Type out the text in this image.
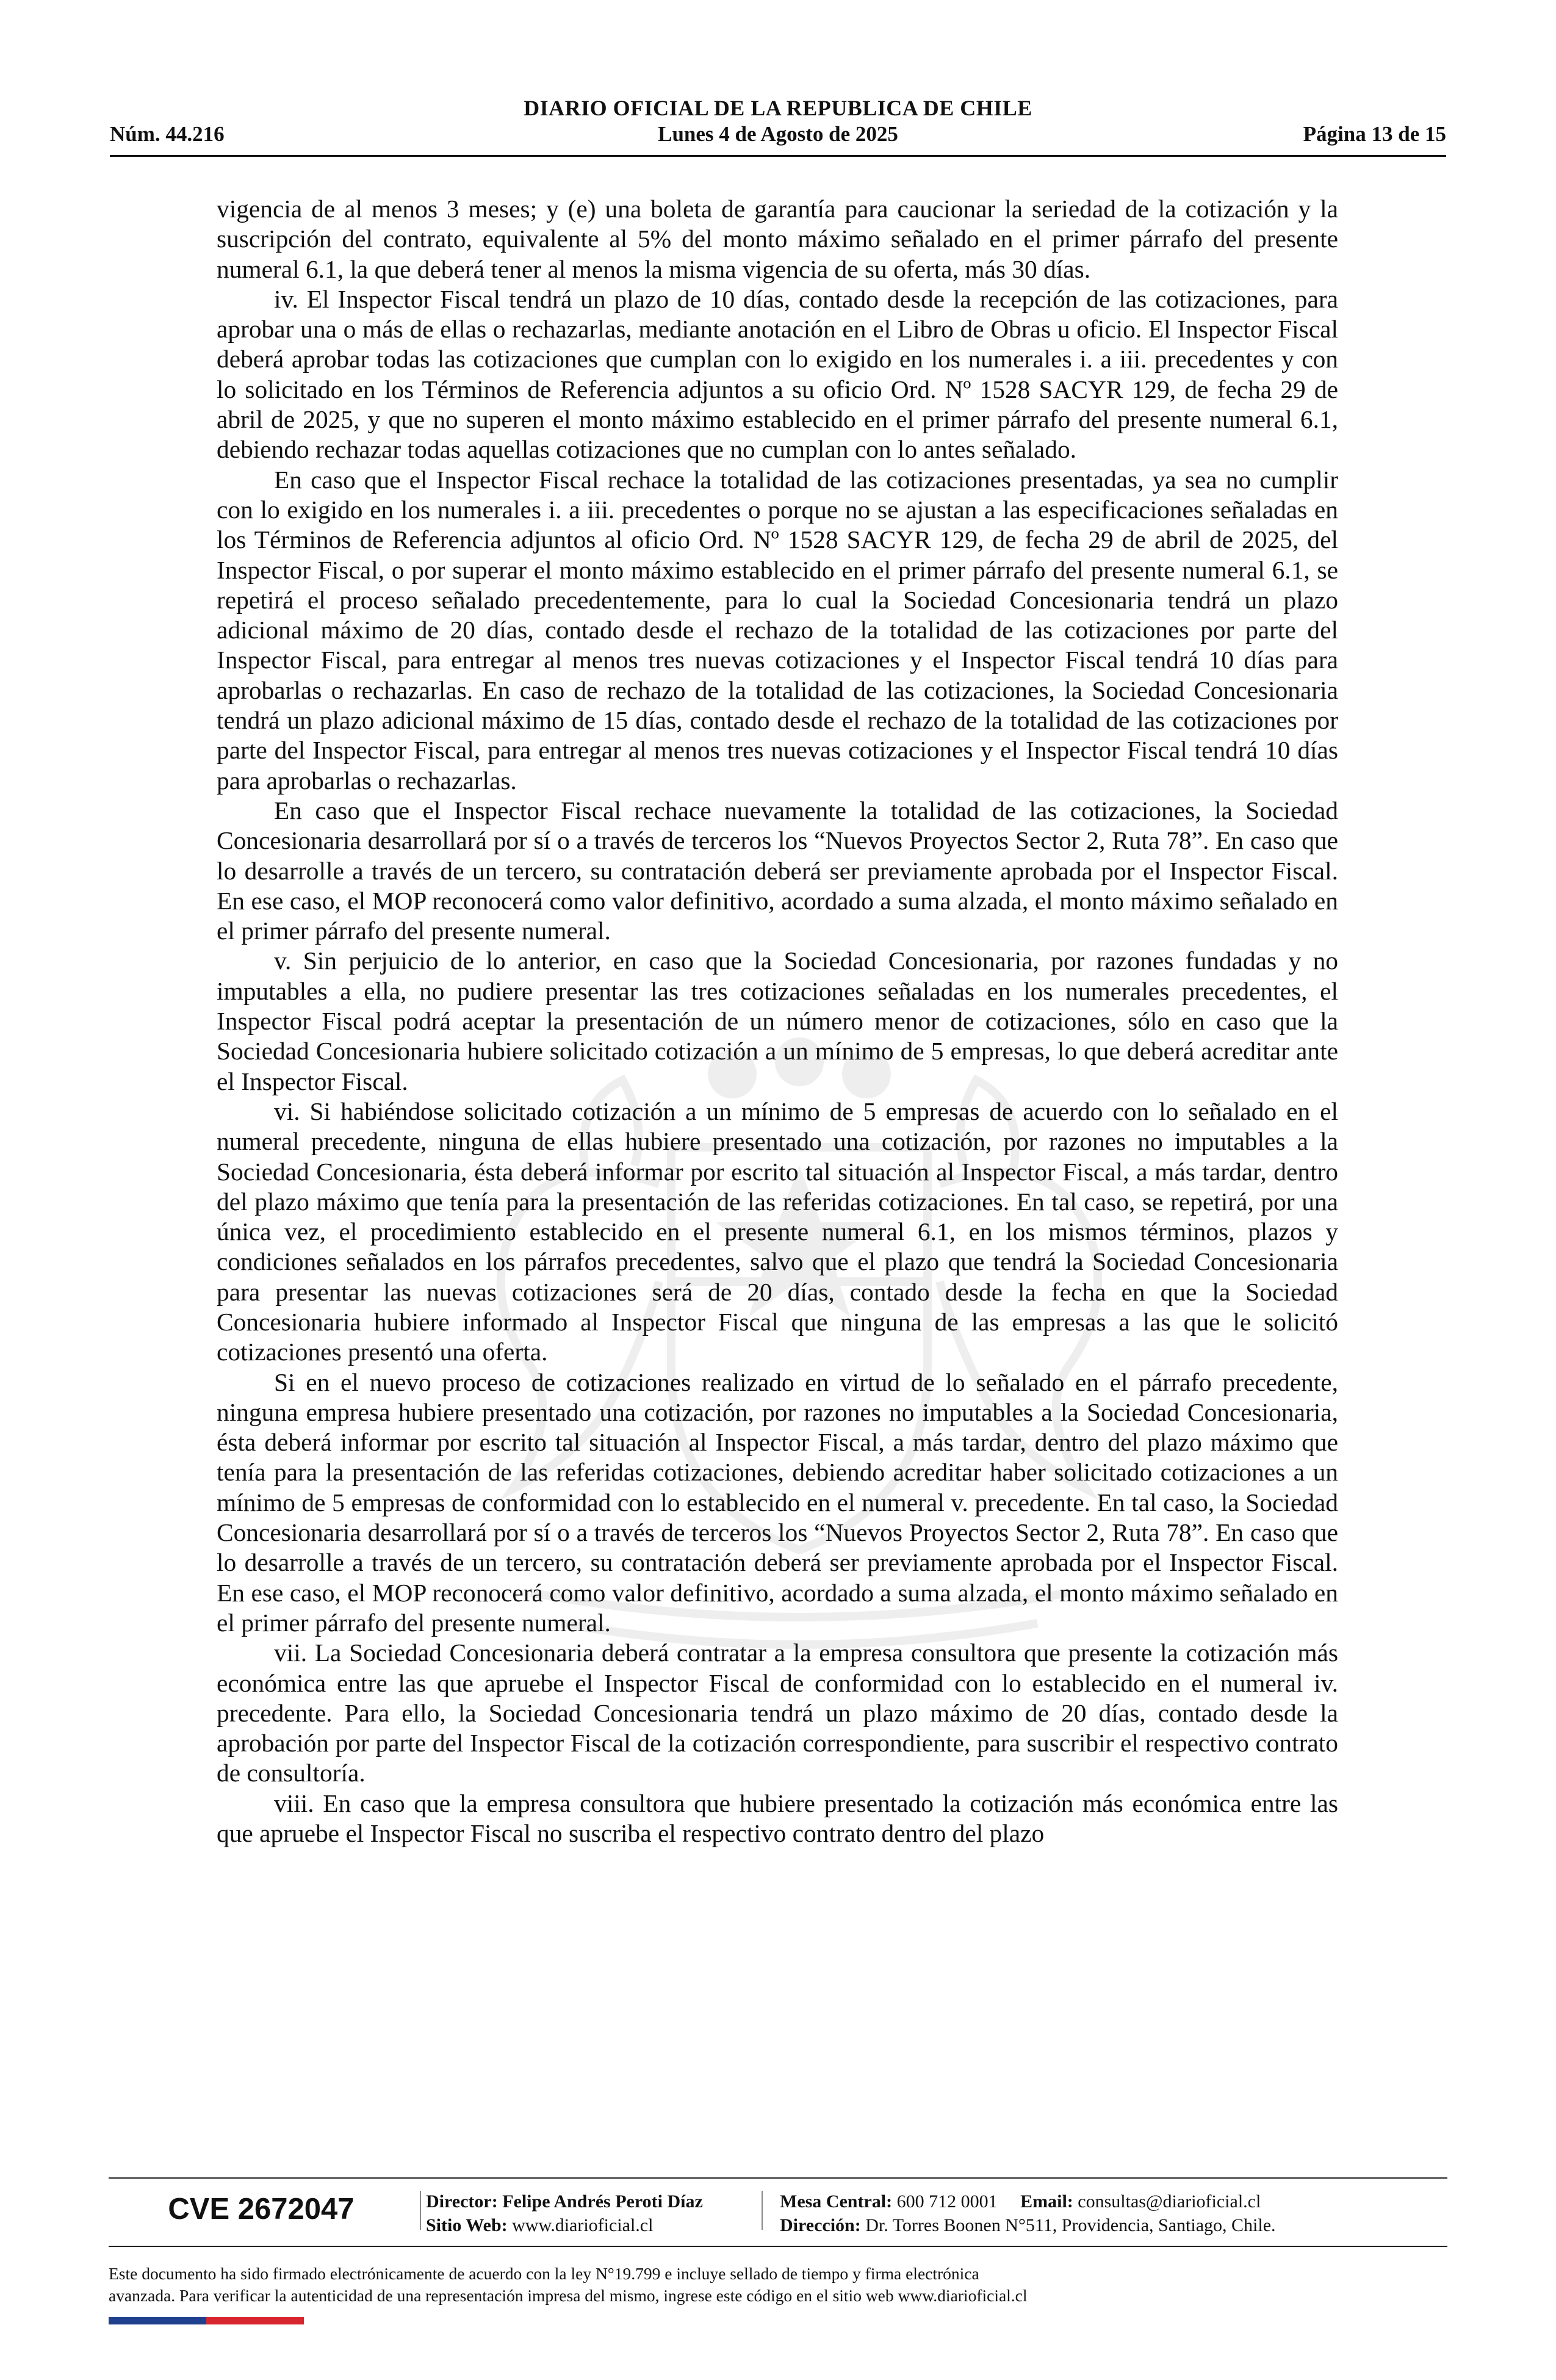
DIARIO OFICIAL DE LA REPUBLICA DE CHILE
Núm. 44.216	Lunes 4 de Agosto de 2025	Página 13 de 15

vigencia de al menos 3 meses; y (e) una boleta de garantía para caucionar la seriedad de la cotización y la suscripción del contrato, equivalente al 5% del monto máximo señalado en el primer párrafo del presente numeral 6.1, la que deberá tener al menos la misma vigencia de su oferta, más 30 días.

iv. El Inspector Fiscal tendrá un plazo de 10 días, contado desde la recepción de las cotizaciones, para aprobar una o más de ellas o rechazarlas, mediante anotación en el Libro de Obras u oficio. El Inspector Fiscal deberá aprobar todas las cotizaciones que cumplan con lo exigido en los numerales i. a iii. precedentes y con lo solicitado en los Términos de Referencia adjuntos a su oficio Ord. Nº 1528 SACYR 129, de fecha 29 de abril de 2025, y que no superen el monto máximo establecido en el primer párrafo del presente numeral 6.1, debiendo rechazar todas aquellas cotizaciones que no cumplan con lo antes señalado.

En caso que el Inspector Fiscal rechace la totalidad de las cotizaciones presentadas, ya sea no cumplir con lo exigido en los numerales i. a iii. precedentes o porque no se ajustan a las especificaciones señaladas en los Términos de Referencia adjuntos al oficio Ord. Nº 1528 SACYR 129, de fecha 29 de abril de 2025, del Inspector Fiscal, o por superar el monto máximo establecido en el primer párrafo del presente numeral 6.1, se repetirá el proceso señalado precedentemente, para lo cual la Sociedad Concesionaria tendrá un plazo adicional máximo de 20 días, contado desde el rechazo de la totalidad de las cotizaciones por parte del Inspector Fiscal, para entregar al menos tres nuevas cotizaciones y el Inspector Fiscal tendrá 10 días para aprobarlas o rechazarlas. En caso de rechazo de la totalidad de las cotizaciones, la Sociedad Concesionaria tendrá un plazo adicional máximo de 15 días, contado desde el rechazo de la totalidad de las cotizaciones por parte del Inspector Fiscal, para entregar al menos tres nuevas cotizaciones y el Inspector Fiscal tendrá 10 días para aprobarlas o rechazarlas.

En caso que el Inspector Fiscal rechace nuevamente la totalidad de las cotizaciones, la Sociedad Concesionaria desarrollará por sí o a través de terceros los “Nuevos Proyectos Sector 2, Ruta 78”. En caso que lo desarrolle a través de un tercero, su contratación deberá ser previamente aprobada por el Inspector Fiscal. En ese caso, el MOP reconocerá como valor definitivo, acordado a suma alzada, el monto máximo señalado en el primer párrafo del presente numeral.

v. Sin perjuicio de lo anterior, en caso que la Sociedad Concesionaria, por razones fundadas y no imputables a ella, no pudiere presentar las tres cotizaciones señaladas en los numerales precedentes, el Inspector Fiscal podrá aceptar la presentación de un número menor de cotizaciones, sólo en caso que la Sociedad Concesionaria hubiere solicitado cotización a un mínimo de 5 empresas, lo que deberá acreditar ante el Inspector Fiscal.

vi. Si habiéndose solicitado cotización a un mínimo de 5 empresas de acuerdo con lo señalado en el numeral precedente, ninguna de ellas hubiere presentado una cotización, por razones no imputables a la Sociedad Concesionaria, ésta deberá informar por escrito tal situación al Inspector Fiscal, a más tardar, dentro del plazo máximo que tenía para la presentación de las referidas cotizaciones. En tal caso, se repetirá, por una única vez, el procedimiento establecido en el presente numeral 6.1, en los mismos términos, plazos y condiciones señalados en los párrafos precedentes, salvo que el plazo que tendrá la Sociedad Concesionaria para presentar las nuevas cotizaciones será de 20 días, contado desde la fecha en que la Sociedad Concesionaria hubiere informado al Inspector Fiscal que ninguna de las empresas a las que le solicitó cotizaciones presentó una oferta.

Si en el nuevo proceso de cotizaciones realizado en virtud de lo señalado en el párrafo precedente, ninguna empresa hubiere presentado una cotización, por razones no imputables a la Sociedad Concesionaria, ésta deberá informar por escrito tal situación al Inspector Fiscal, a más tardar, dentro del plazo máximo que tenía para la presentación de las referidas cotizaciones, debiendo acreditar haber solicitado cotizaciones a un mínimo de 5 empresas de conformidad con lo establecido en el numeral v. precedente. En tal caso, la Sociedad Concesionaria desarrollará por sí o a través de terceros los “Nuevos Proyectos Sector 2, Ruta 78”. En caso que lo desarrolle a través de un tercero, su contratación deberá ser previamente aprobada por el Inspector Fiscal. En ese caso, el MOP reconocerá como valor definitivo, acordado a suma alzada, el monto máximo señalado en el primer párrafo del presente numeral.

vii. La Sociedad Concesionaria deberá contratar a la empresa consultora que presente la cotización más económica entre las que apruebe el Inspector Fiscal de conformidad con lo establecido en el numeral iv. precedente. Para ello, la Sociedad Concesionaria tendrá un plazo máximo de 20 días, contado desde la aprobación por parte del Inspector Fiscal de la cotización correspondiente, para suscribir el respectivo contrato de consultoría.

viii. En caso que la empresa consultora que hubiere presentado la cotización más económica entre las que apruebe el Inspector Fiscal no suscriba el respectivo contrato dentro del plazo

CVE 2672047	Director: Felipe Andrés Peroti Díaz
Sitio Web: www.diarioficial.cl
Mesa Central: 600 712 0001 Email: consultas@diarioficial.cl
Dirección: Dr. Torres Boonen N°511, Providencia, Santiago, Chile.
Este documento ha sido firmado electrónicamente de acuerdo con la ley N°19.799 e incluye sellado de tiempo y firma electrónica
avanzada. Para verificar la autenticidad de una representación impresa del mismo, ingrese este código en el sitio web www.diarioficial.cl
